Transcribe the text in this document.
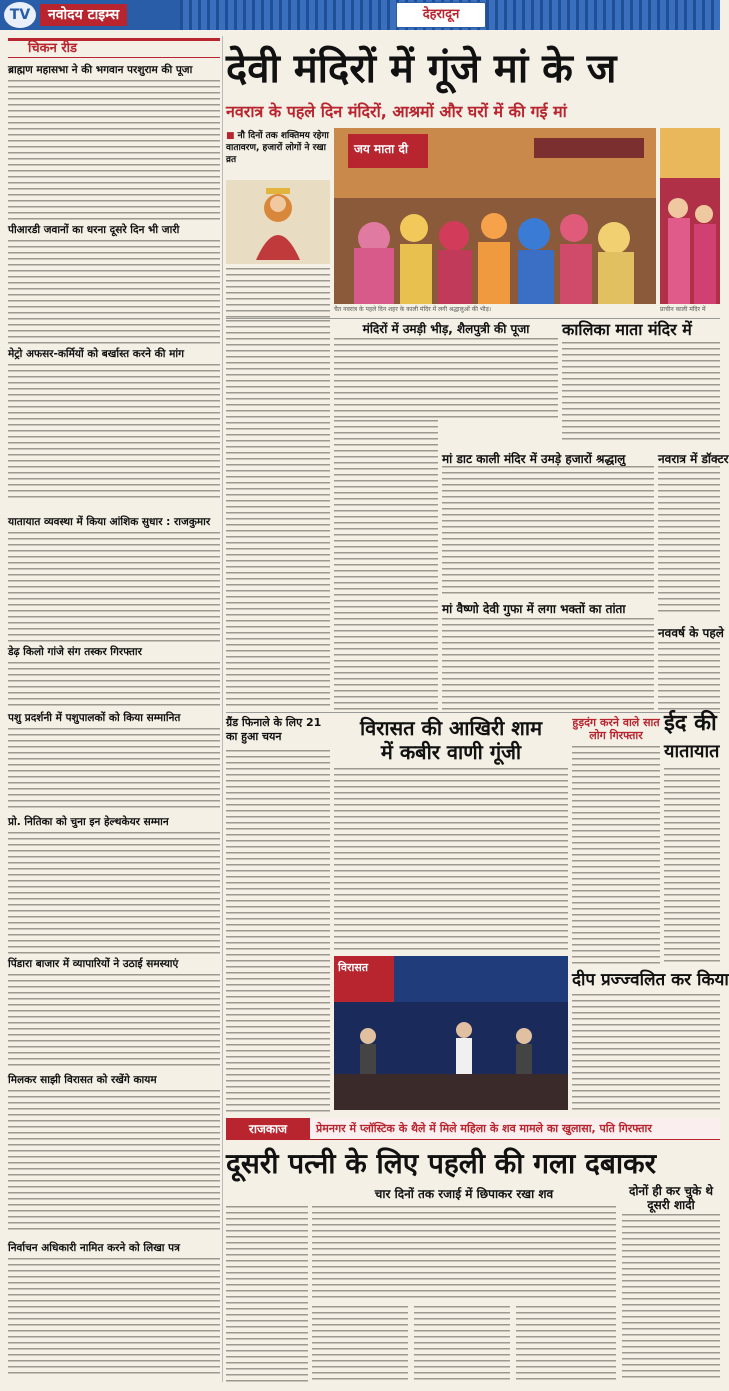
TV	नवोदय टाइम्स	देहरादून
चिकन रीड
ब्राह्मण महासभा ने की भगवान परशुराम की पूजा
पीआरडी जवानों का धरना दूसरे दिन भी जारी
मेट्रो अफसर-कर्मियों को बर्खास्त करने की मांग
यातायात व्यवस्था में किया आंशिक सुधार : राजकुमार
डेढ़ किलो गांजे संग तस्कर गिरफ्तार
पशु प्रदर्शनी में पशुपालकों को किया सम्मानित
प्रो. नितिका को चुना इन हेल्थकेयर सम्मान
पिंडारा बाजार में व्यापारियों ने उठाई समस्याएं
मिलकर साझी विरासत को रखेंगे कायम
निर्वाचन अधिकारी नामित करने को लिखा पत्र
देवी मंदिरों में गूंजे मां के ज
नवरात्र के पहले दिन मंदिरों, आश्रमों और घरों में की गई मां
■ नौ दिनों तक शक्तिमय रहेगा वातावरण, हजारों लोगों ने रखा व्रत
जय माता दी
चैत नवरात्र के पहले दिन शहर के काली मंदिर में लगी श्रद्धालुओं की भीड़।	प्राचीन काली मंदिर में
मंदिरों में उमड़ी भीड़, शैलपुत्री की पूजा	कालिका माता मंदिर में
मां डाट काली मंदिर में उमड़े हजारों श्रद्धालु
मां वैष्णो देवी गुफा में लगा भक्तों का तांता
नवरात्र में डॉक्टर
नववर्ष के पहले
ग्रैंड फिनाले के लिए 21 का हुआ चयन	विरासत की आखिरी शाम
में कबीर वाणी गूंजी
विरासत
हुड़दंग करने वाले सात लोग गिरफ्तार ईद की
यातायात
दीप प्रज्ज्वलित कर किया
राजकाज	प्रेमनगर में प्लॉस्टिक के थैले में मिले महिला के शव मामले का खुलासा, पति गिरफ्तार
दूसरी पत्नी के लिए पहली की गला दबाकर
चार दिनों तक रजाई में छिपाकर रखा शव	दोनों ही कर चुके थे दूसरी शादी
